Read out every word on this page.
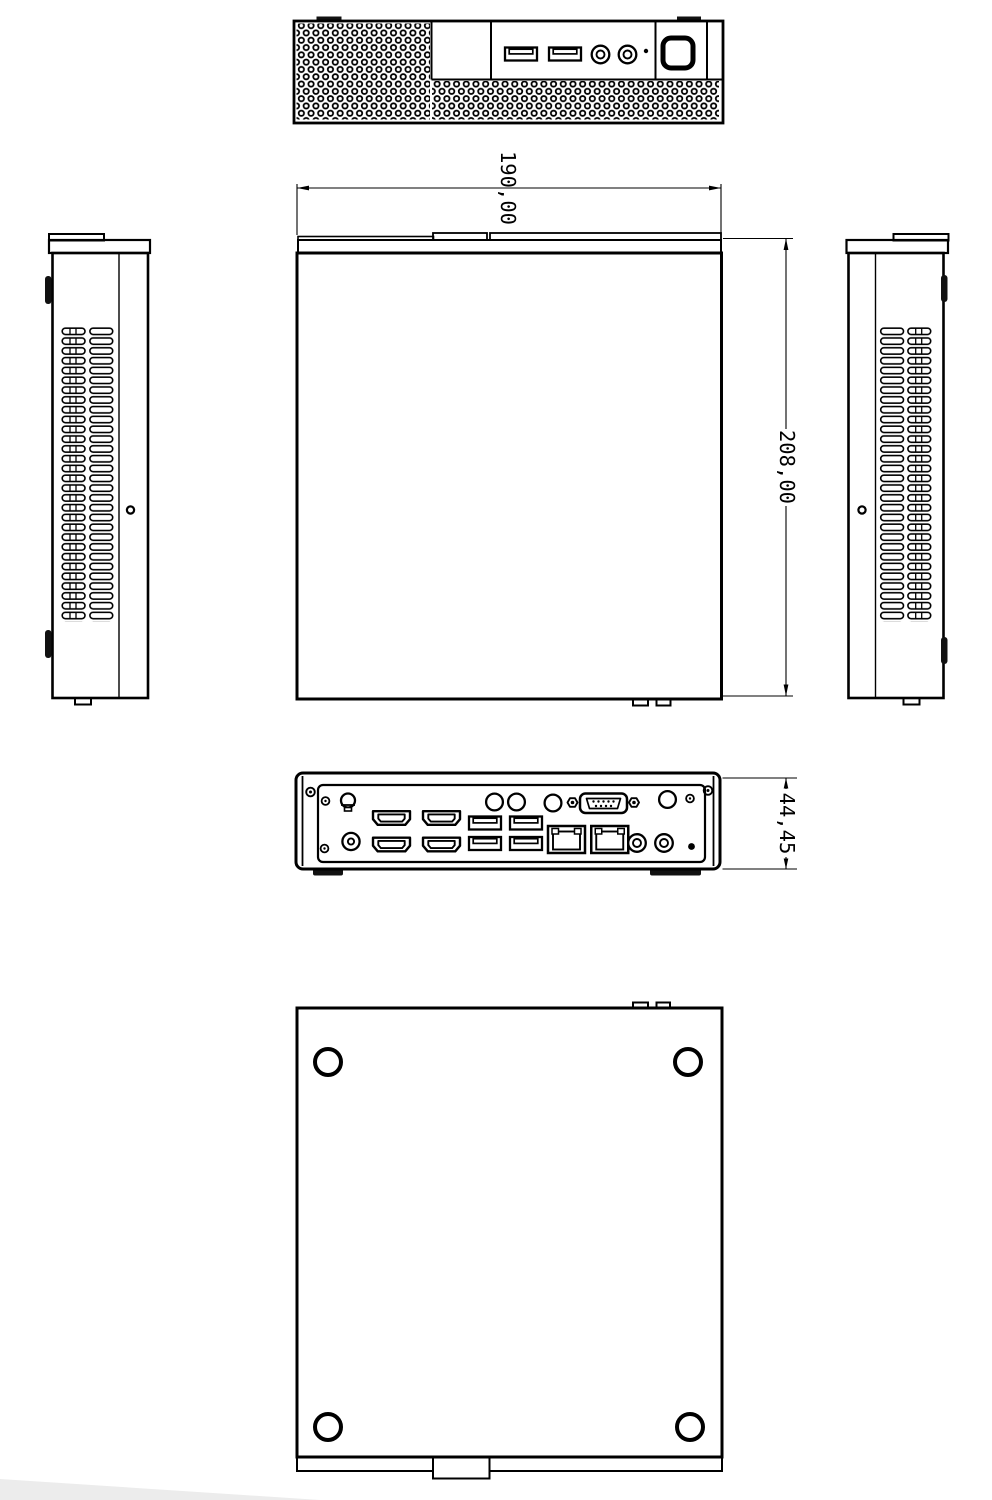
190,00
208,00
44,45
